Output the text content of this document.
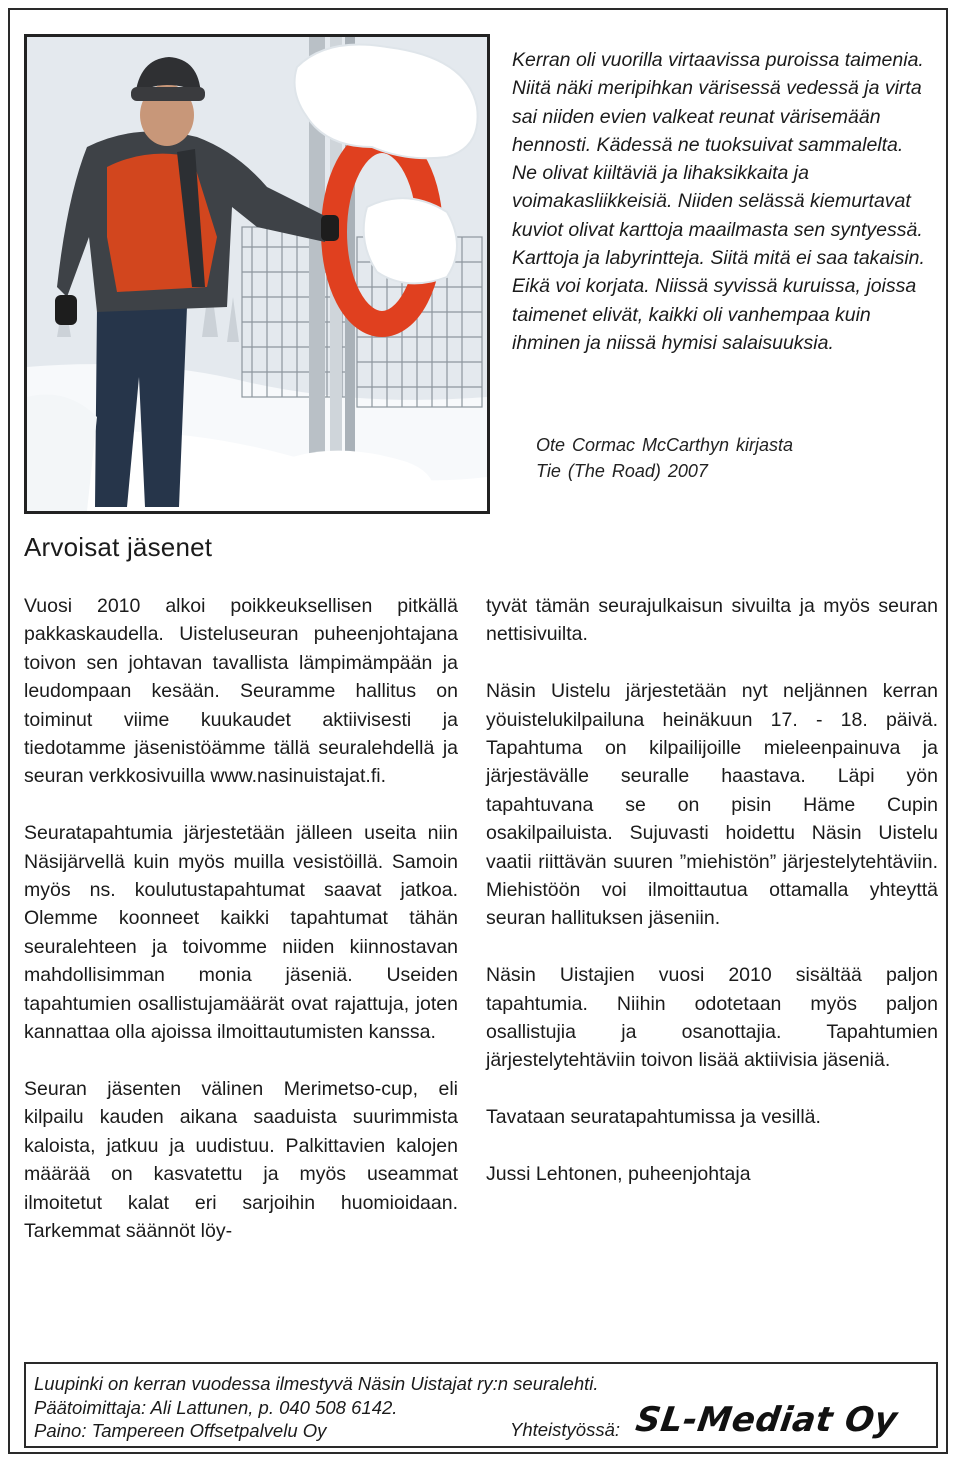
Kerran oli vuorilla virtaavissa puroissa taimenia. Niitä näki meripihkan värisessä vedessä ja virta sai niiden evien valkeat reunat värisemään hennosti. Kädessä ne tuoksuivat sammalelta. Ne olivat kiiltäviä ja lihaksikkaita ja voimakasliikkeisiä. Niiden selässä kiemurtavat kuviot olivat karttoja maailmasta sen syntyessä. Karttoja ja labyrintteja. Siitä mitä ei saa takaisin. Eikä voi korjata. Niissä syvissä kuruissa, joissa taimenet elivät, kaikki oli vanhempaa kuin ihminen ja niissä hymisi salaisuuksia.

Ote Cormac McCarthyn kirjasta
Tie (The Road) 2007
Arvoisat jäsenet

Vuosi 2010 alkoi poikkeuksellisen pitkällä pakkaskaudella. Uisteluseuran puheenjohtajana toivon sen johtavan tavallista lämpimämpään ja leudompaan kesään. Seuramme hallitus on toiminut viime kuukaudet aktiivisesti ja tiedotamme jäsenistöämme tällä seuralehdellä ja seuran verkkosivuilla www.nasinuistajat.fi.

Seuratapahtumia järjestetään jälleen useita niin Näsijärvellä kuin myös muilla vesistöillä. Samoin myös ns. koulutustapahtumat saavat jatkoa. Olemme koonneet kaikki tapahtumat tähän seuralehteen ja toivomme niiden kiinnostavan mahdollisimman monia jäseniä. Useiden tapahtumien osallistujamäärät ovat rajattuja, joten kannattaa olla ajoissa ilmoittautumisten kanssa.

Seuran jäsenten välinen Merimetso-cup, eli kilpailu kauden aikana saaduista suurimmista kaloista, jatkuu ja uudistuu. Palkittavien kalojen määrää on kasvatettu ja myös useammat ilmoitetut kalat eri sarjoihin huomioidaan. Tarkemmat säännöt löy-

tyvät tämän seurajulkaisun sivuilta ja myös seuran nettisivuilta.

Näsin Uistelu järjestetään nyt neljännen kerran yöuistelukilpailuna heinäkuun 17. - 18. päivä. Tapahtuma on kilpailijoille mieleenpainuva ja järjestävälle seuralle haastava. Läpi yön tapahtuvana se on pisin Häme Cupin osakilpailuista. Sujuvasti hoidettu Näsin Uistelu vaatii riittävän suuren ”miehistön” järjestelytehtäviin. Miehistöön voi ilmoittautua ottamalla yhteyttä seuran hallituksen jäseniin.

Näsin Uistajien vuosi 2010 sisältää paljon tapahtumia. Niihin odotetaan myös paljon osallistujia ja osanottajia. Tapahtumien järjestelytehtäviin toivon lisää aktiivisia jäseniä.

Tavataan seuratapahtumissa ja vesillä.

Jussi Lehtonen, puheenjohtaja

Luupinki on kerran vuodessa ilmestyvä Näsin Uistajat ry:n seuralehti.
Päätoimittaja: Ali Lattunen, p. 040 508 6142.
Paino: Tampereen Offsetpalvelu Oy	Yhteistyössä: SL-Mediat Oy
